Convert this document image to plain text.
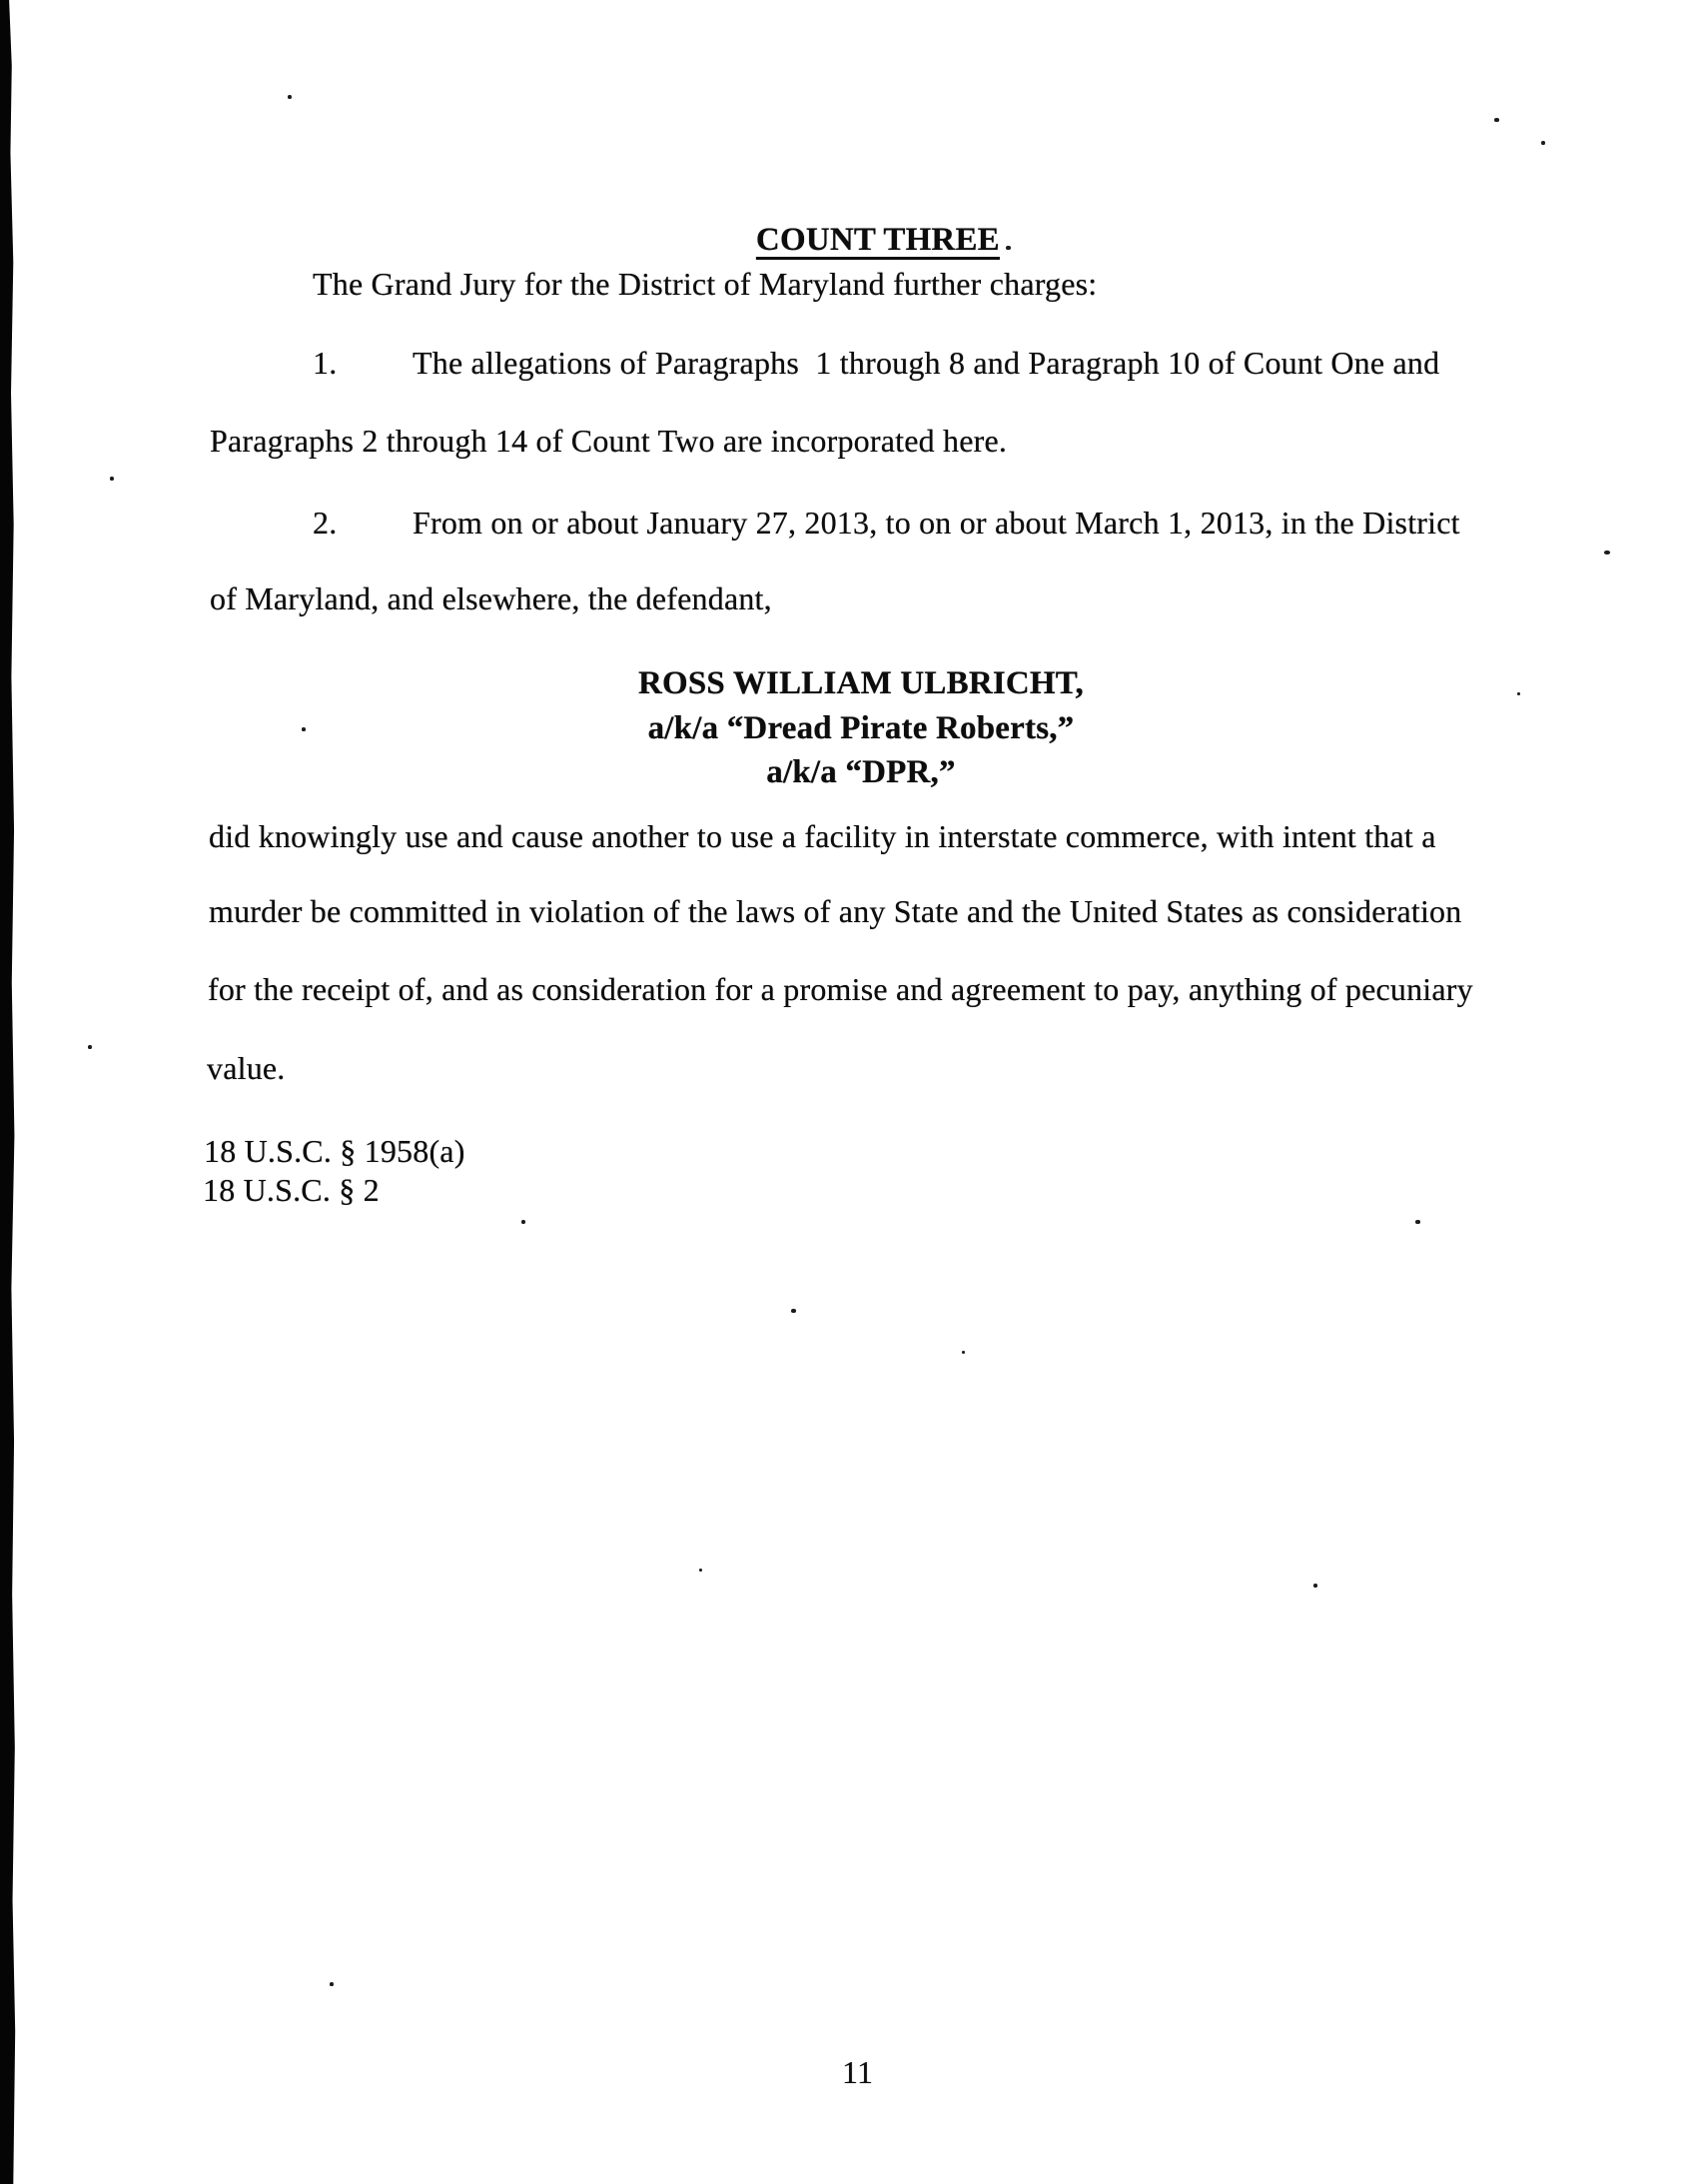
COUNT THREE

The Grand Jury for the District of Maryland further charges:
1. The allegations of Paragraphs  1 through 8 and Paragraph 10 of Count One and
Paragraphs 2 through 14 of Count Two are incorporated here.
2. From on or about January 27, 2013, to on or about March 1, 2013, in the District
of Maryland, and elsewhere, the defendant,
ROSS WILLIAM ULBRICHT,
a/k/a “Dread Pirate Roberts,”
a/k/a “DPR,”
did knowingly use and cause another to use a facility in interstate commerce, with intent that a
murder be committed in violation of the laws of any State and the United States as consideration
for the receipt of, and as consideration for a promise and agreement to pay, anything of pecuniary
value.
18 U.S.C. § 1958(a)
18 U.S.C. § 2
11
